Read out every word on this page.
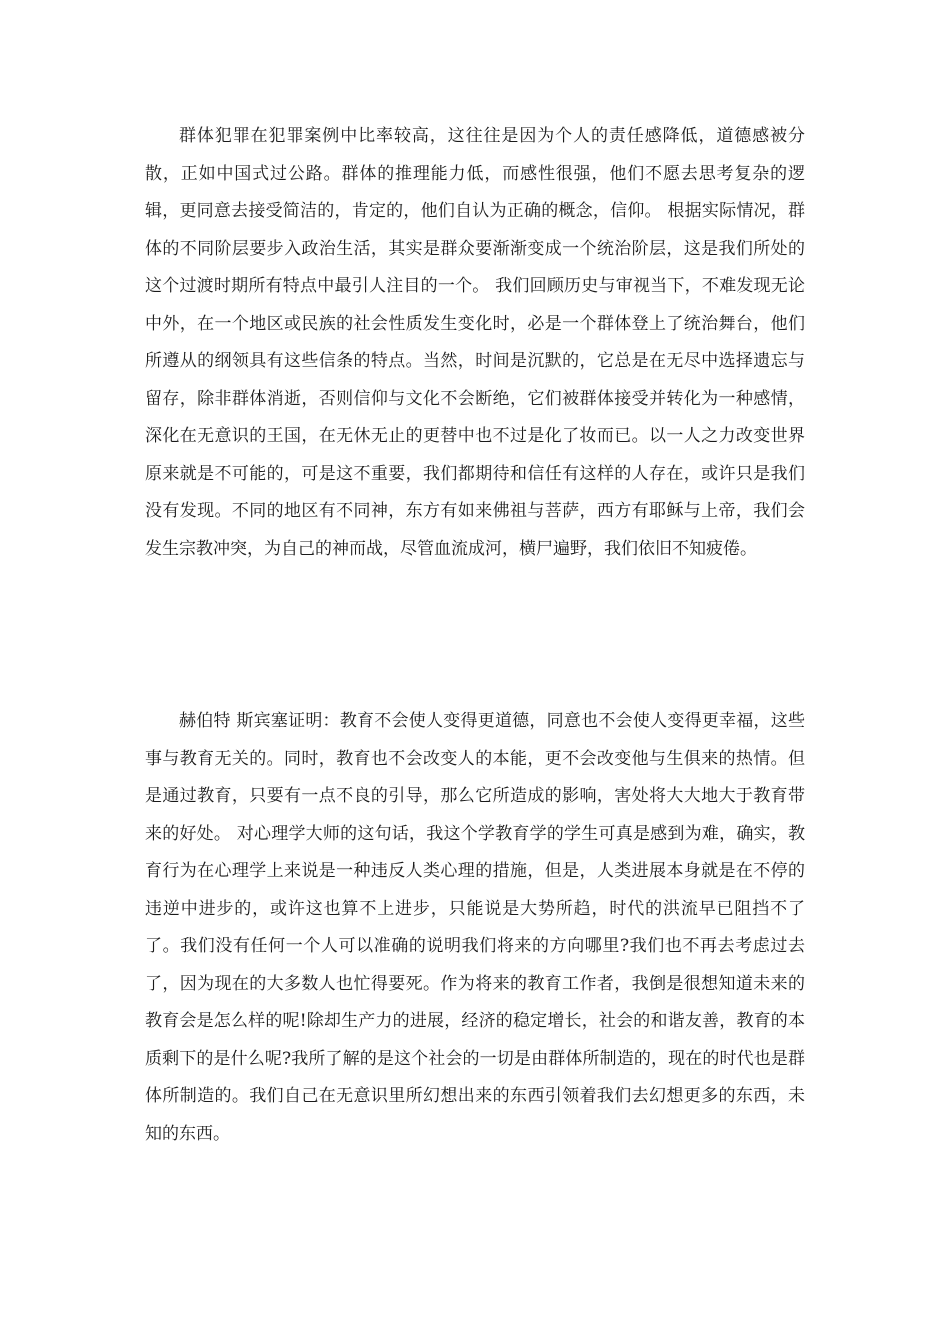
群体犯罪在犯罪案例中比率较高，这往往是因为个人的责任感降低，道德感被分散，正如中国式过公路。群体的推理能力低，而感性很强，他们不愿去思考复杂的逻辑，更同意去接受简洁的，肯定的，他们自认为正确的概念，信仰。 根据实际情况，群体的不同阶层要步入政治生活，其实是群众要渐渐变成一个统治阶层，这是我们所处的这个过渡时期所有特点中最引人注目的一个。 我们回顾历史与审视当下，不难发现无论中外，在一个地区或民族的社会性质发生变化时，必是一个群体登上了统治舞台，他们所遵从的纲领具有这些信条的特点。当然，时间是沉默的，它总是在无尽中选择遗忘与留存，除非群体消逝，否则信仰与文化不会断绝，它们被群体接受并转化为一种感情，深化在无意识的王国，在无休无止的更替中也不过是化了妆而已。以一人之力改变世界原来就是不可能的，可是这不重要，我们都期待和信任有这样的人存在，或许只是我们没有发现。不同的地区有不同神，东方有如来佛祖与菩萨，西方有耶稣与上帝，我们会发生宗教冲突，为自己的神而战，尽管血流成河，横尸遍野，我们依旧不知疲倦。

赫伯特 斯宾塞证明：教育不会使人变得更道德，同意也不会使人变得更幸福，这些事与教育无关的。同时，教育也不会改变人的本能，更不会改变他与生俱来的热情。但是通过教育，只要有一点不良的引导，那么它所造成的影响，害处将大大地大于教育带来的好处。 对心理学大师的这句话，我这个学教育学的学生可真是感到为难，确实，教育行为在心理学上来说是一种违反人类心理的措施，但是，人类进展本身就是在不停的违逆中进步的，或许这也算不上进步，只能说是大势所趋，时代的洪流早已阻挡不了了。我们没有任何一个人可以准确的说明我们将来的方向哪里?我们也不再去考虑过去了，因为现在的大多数人也忙得要死。作为将来的教育工作者，我倒是很想知道未来的教育会是怎么样的呢!除却生产力的进展，经济的稳定增长，社会的和谐友善，教育的本质剩下的是什么呢?我所了解的是这个社会的一切是由群体所制造的，现在的时代也是群体所制造的。我们自己在无意识里所幻想出来的东西引领着我们去幻想更多的东西，未知的东西。
